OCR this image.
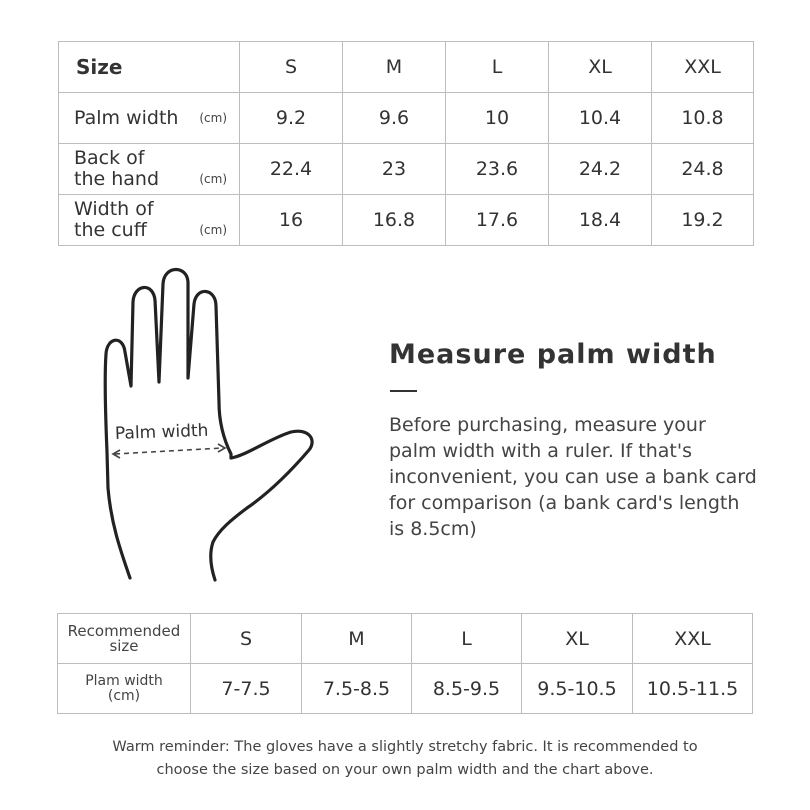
Size	S	M	L	XL	XXL
Palm width (cm)	9.2	9.6	10	10.4	10.8

Back of
the hand (cm)	22.4	23	23.6	24.2	24.8

Width of
the cuff (cm)	16	16.8	17.6	18.4	19.2
Palm width
Measure palm width

Before purchasing, measure your palm width with a ruler. If that's inconvenient, you can use a bank card for comparison (a bank card's length is 8.5cm)

Recommended
size	S	M	L	XL	XXL

Plam width
(cm)	7-7.5	7.5-8.5	8.5-9.5	9.5-10.5	10.5-11.5
Warm reminder: The gloves have a slightly stretchy fabric. It is recommended to
choose the size based on your own palm width and the chart above.
